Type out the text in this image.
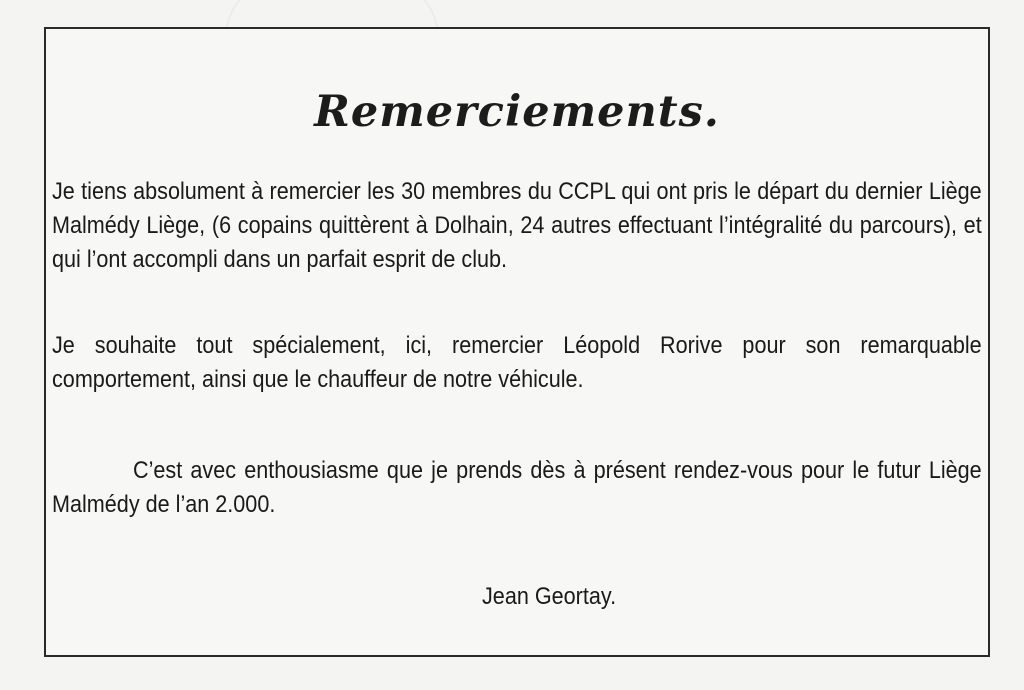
Remerciements.
Je tiens absolument à remercier les 30 membres du CCPL qui ont pris le départ du dernier Liège Malmédy Liège, (6 copains quittèrent à Dolhain, 24 autres effectuant l’intégralité du parcours), et qui l’ont accompli dans un parfait esprit de club.
Je souhaite tout spécialement, ici, remercier Léopold Rorive pour son remarquable comportement, ainsi que le chauffeur de notre véhicule.
C’est avec enthousiasme que je prends dès à présent rendez-vous pour le futur Liège Malmédy de l’an 2.000.
Jean Geortay.
